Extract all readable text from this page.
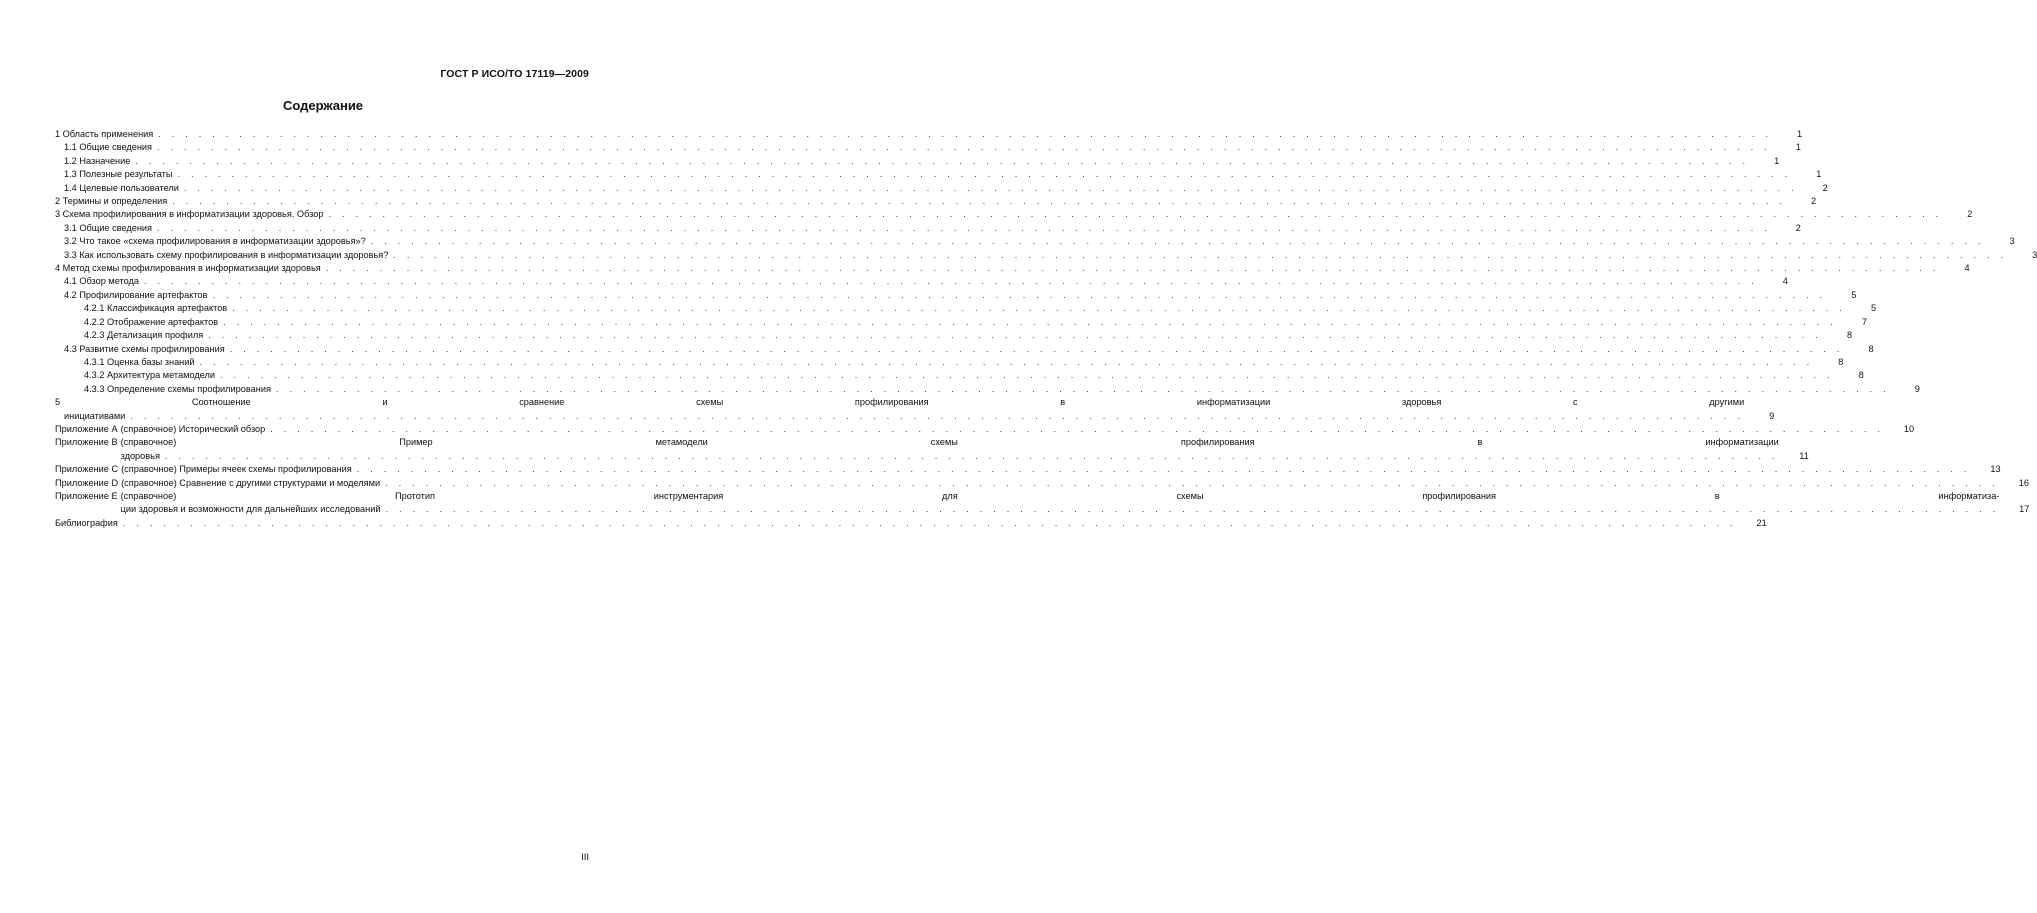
ГОСТ Р ИСО/ТО 17119—2009
Содержание
1 Область применения . . . . . . . . . . . . . . . . . . . . . . . . . . . . . . . . . . . . . . . . . . . . . . . . . . . . . . . . . . . . . . . . . . . . . . . . . . . . . . . . . . . . . . . . . . . . . . . . . . . . . . . . . . . . . . . . . . . . . . . .	1
1.1 Общие сведения . . . . . . . . . . . . . . . . . . . . . . . . . . . . . . . . . . . . . . . . . . . . . . . . . . . . . . . . . . . . . . . . . . . . . . . . . . . . . . . . . . . . . . . . . . . . . . . . . . . . . . . . . . . . . . . . . . . . . . . .	1
1.2 Назначение . . . . . . . . . . . . . . . . . . . . . . . . . . . . . . . . . . . . . . . . . . . . . . . . . . . . . . . . . . . . . . . . . . . . . . . . . . . . . . . . . . . . . . . . . . . . . . . . . . . . . . . . . . . . . . . . . . . . . . . .	1
1.3 Полезные результаты . . . . . . . . . . . . . . . . . . . . . . . . . . . . . . . . . . . . . . . . . . . . . . . . . . . . . . . . . . . . . . . . . . . . . . . . . . . . . . . . . . . . . . . . . . . . . . . . . . . . . . . . . . . . . . . . . . . . . . . .	1
1.4 Целевые пользователи . . . . . . . . . . . . . . . . . . . . . . . . . . . . . . . . . . . . . . . . . . . . . . . . . . . . . . . . . . . . . . . . . . . . . . . . . . . . . . . . . . . . . . . . . . . . . . . . . . . . . . . . . . . . . . . . . . . . . . . .	2
2 Термины и определения . . . . . . . . . . . . . . . . . . . . . . . . . . . . . . . . . . . . . . . . . . . . . . . . . . . . . . . . . . . . . . . . . . . . . . . . . . . . . . . . . . . . . . . . . . . . . . . . . . . . . . . . . . . . . . . . . . . . . . . .	2
3 Схема профилирования в информатизации здоровья. Обзор . . . . . . . . . . . . . . . . . . . . . . . . . . . . . . . . . . . . . . . . . . . . . . . . . . . . . . . . . . . . . . . . . . . . . . . . . . . . . . . . . . . . . . . . . . . . . . . . . . . . . . . . . . . . . . . . . . . . . . . .	2
3.1 Общие сведения . . . . . . . . . . . . . . . . . . . . . . . . . . . . . . . . . . . . . . . . . . . . . . . . . . . . . . . . . . . . . . . . . . . . . . . . . . . . . . . . . . . . . . . . . . . . . . . . . . . . . . . . . . . . . . . . . . . . . . . .	2
3.2 Что такое «схема профилирования в информатизации здоровья»? . . . . . . . . . . . . . . . . . . . . . . . . . . . . . . . . . . . . . . . . . . . . . . . . . . . . . . . . . . . . . . . . . . . . . . . . . . . . . . . . . . . . . . . . . . . . . . . . . . . . . . . . . . . . . . . . . . . . . . . .	3
3.3 Как использовать схему профилирования в информатизации здоровья? . . . . . . . . . . . . . . . . . . . . . . . . . . . . . . . . . . . . . . . . . . . . . . . . . . . . . . . . . . . . . . . . . . . . . . . . . . . . . . . . . . . . . . . . . . . . . . . . . . . . . . . . . . . . . . . . . . . . . . . .	3
4 Метод схемы профилирования в информатизации здоровья . . . . . . . . . . . . . . . . . . . . . . . . . . . . . . . . . . . . . . . . . . . . . . . . . . . . . . . . . . . . . . . . . . . . . . . . . . . . . . . . . . . . . . . . . . . . . . . . . . . . . . . . . . . . . . . . . . . . . . . .	4
4.1 Обзор метода . . . . . . . . . . . . . . . . . . . . . . . . . . . . . . . . . . . . . . . . . . . . . . . . . . . . . . . . . . . . . . . . . . . . . . . . . . . . . . . . . . . . . . . . . . . . . . . . . . . . . . . . . . . . . . . . . . . . . . . .	4
4.2 Профилирование артефактов . . . . . . . . . . . . . . . . . . . . . . . . . . . . . . . . . . . . . . . . . . . . . . . . . . . . . . . . . . . . . . . . . . . . . . . . . . . . . . . . . . . . . . . . . . . . . . . . . . . . . . . . . . . . . . . . . . . . . . . .	5
4.2.1 Классификация артефактов . . . . . . . . . . . . . . . . . . . . . . . . . . . . . . . . . . . . . . . . . . . . . . . . . . . . . . . . . . . . . . . . . . . . . . . . . . . . . . . . . . . . . . . . . . . . . . . . . . . . . . . . . . . . . . . . . . . . . . . .	5
4.2.2 Отображение артефактов . . . . . . . . . . . . . . . . . . . . . . . . . . . . . . . . . . . . . . . . . . . . . . . . . . . . . . . . . . . . . . . . . . . . . . . . . . . . . . . . . . . . . . . . . . . . . . . . . . . . . . . . . . . . . . . . . . . . . . . .	7
4.2.3 Детализация профиля . . . . . . . . . . . . . . . . . . . . . . . . . . . . . . . . . . . . . . . . . . . . . . . . . . . . . . . . . . . . . . . . . . . . . . . . . . . . . . . . . . . . . . . . . . . . . . . . . . . . . . . . . . . . . . . . . . . . . . . .	8
4.3 Развитие схемы профилирования . . . . . . . . . . . . . . . . . . . . . . . . . . . . . . . . . . . . . . . . . . . . . . . . . . . . . . . . . . . . . . . . . . . . . . . . . . . . . . . . . . . . . . . . . . . . . . . . . . . . . . . . . . . . . . . . . . . . . . . .	8
4.3.1 Оценка базы знаний . . . . . . . . . . . . . . . . . . . . . . . . . . . . . . . . . . . . . . . . . . . . . . . . . . . . . . . . . . . . . . . . . . . . . . . . . . . . . . . . . . . . . . . . . . . . . . . . . . . . . . . . . . . . . . . . . . . . . . . .	8
4.3.2 Архитектура метамодели . . . . . . . . . . . . . . . . . . . . . . . . . . . . . . . . . . . . . . . . . . . . . . . . . . . . . . . . . . . . . . . . . . . . . . . . . . . . . . . . . . . . . . . . . . . . . . . . . . . . . . . . . . . . . . . . . . . . . . . .	8
4.3.3 Определение схемы профилирования . . . . . . . . . . . . . . . . . . . . . . . . . . . . . . . . . . . . . . . . . . . . . . . . . . . . . . . . . . . . . . . . . . . . . . . . . . . . . . . . . . . . . . . . . . . . . . . . . . . . . . . . . . . . . . . . . . . . . . . .	9
5 Соотношение и сравнение схемы профилирования в информатизации здоровья с другими
инициативами . . . . . . . . . . . . . . . . . . . . . . . . . . . . . . . . . . . . . . . . . . . . . . . . . . . . . . . . . . . . . . . . . . . . . . . . . . . . . . . . . . . . . . . . . . . . . . . . . . . . . . . . . . . . . . . . . . . . . . . .	9
Приложение А (справочное) Исторический обзор . . . . . . . . . . . . . . . . . . . . . . . . . . . . . . . . . . . . . . . . . . . . . . . . . . . . . . . . . . . . . . . . . . . . . . . . . . . . . . . . . . . . . . . . . . . . . . . . . . . . . . . . . . . . . . . . . . . . . . . .	10
Приложение В (справочное) Пример метамодели схемы профилирования в информатизации
здоровья . . . . . . . . . . . . . . . . . . . . . . . . . . . . . . . . . . . . . . . . . . . . . . . . . . . . . . . . . . . . . . . . . . . . . . . . . . . . . . . . . . . . . . . . . . . . . . . . . . . . . . . . . . . . . . . . . . . . . . . .	11
Приложение С (справочное) Примеры ячеек схемы профилирования . . . . . . . . . . . . . . . . . . . . . . . . . . . . . . . . . . . . . . . . . . . . . . . . . . . . . . . . . . . . . . . . . . . . . . . . . . . . . . . . . . . . . . . . . . . . . . . . . . . . . . . . . . . . . . . . . . . . . . . .	13
Приложение D (справочное) Сравнение с другими структурами и моделями . . . . . . . . . . . . . . . . . . . . . . . . . . . . . . . . . . . . . . . . . . . . . . . . . . . . . . . . . . . . . . . . . . . . . . . . . . . . . . . . . . . . . . . . . . . . . . . . . . . . . . . . . . . . . . . . . . . . . . . .	16
Приложение Е (справочное) Прототип инструментария для схемы профилирования в информатиза-
ции здоровья и возможности для дальнейших исследований . . . . . . . . . . . . . . . . . . . . . . . . . . . . . . . . . . . . . . . . . . . . . . . . . . . . . . . . . . . . . . . . . . . . . . . . . . . . . . . . . . . . . . . . . . . . . . . . . . . . . . . . . . . . . . . . . . . . . . . .	17
Библиография . . . . . . . . . . . . . . . . . . . . . . . . . . . . . . . . . . . . . . . . . . . . . . . . . . . . . . . . . . . . . . . . . . . . . . . . . . . . . . . . . . . . . . . . . . . . . . . . . . . . . . . . . . . . . . . . . . . . . . . .	21
III
